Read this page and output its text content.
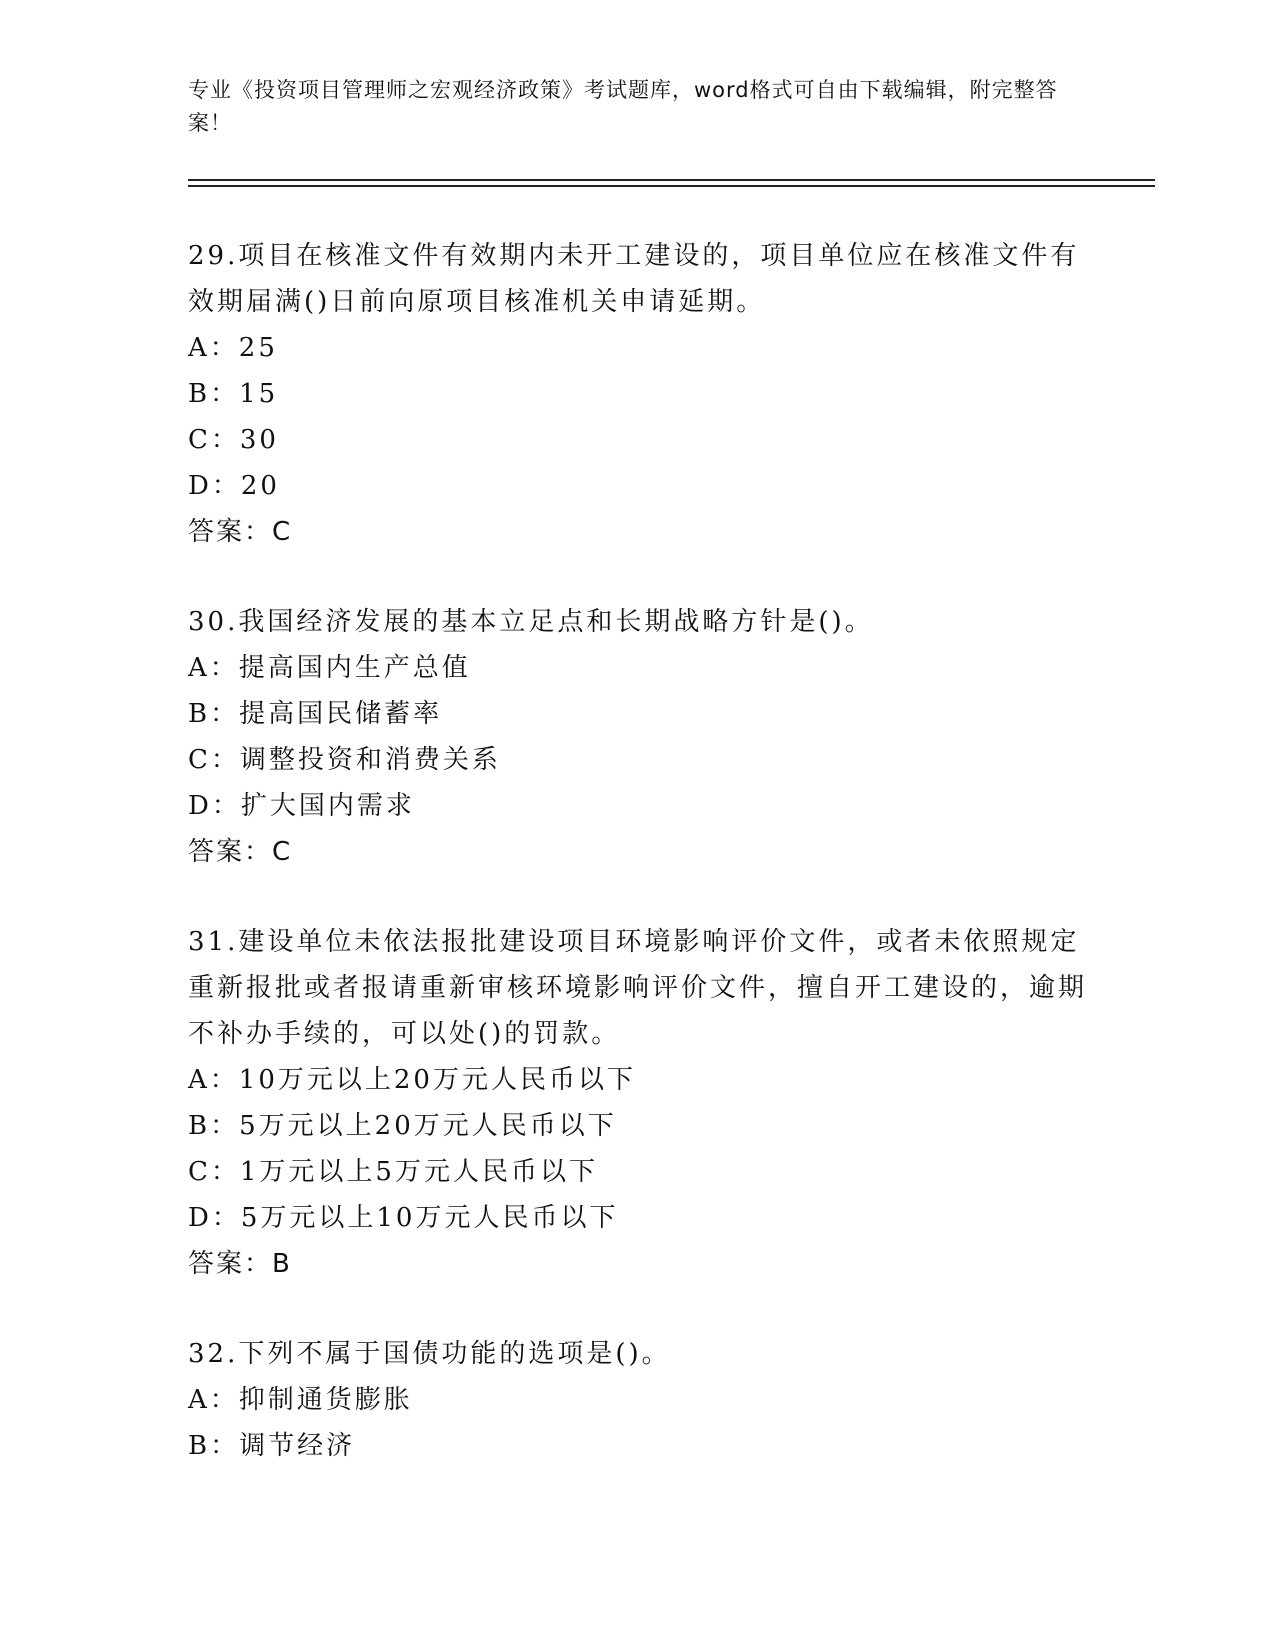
专业《投资项目管理师之宏观经济政策》考试题库，word格式可自由下载编辑，附完整答案！
29.项目在核准文件有效期内未开工建设的，项目单位应在核准文件有效期届满()日前向原项目核准机关申请延期。
A：25
B：15
C：30
D：20
答案：C
30.我国经济发展的基本立足点和长期战略方针是()。
A：提高国内生产总值
B：提高国民储蓄率
C：调整投资和消费关系
D：扩大国内需求
答案：C
31.建设单位未依法报批建设项目环境影响评价文件，或者未依照规定重新报批或者报请重新审核环境影响评价文件，擅自开工建设的，逾期不补办手续的，可以处()的罚款。
A：10万元以上20万元人民币以下
B：5万元以上20万元人民币以下
C：1万元以上5万元人民币以下
D：5万元以上10万元人民币以下
答案：B
32.下列不属于国债功能的选项是()。
A：抑制通货膨胀
B：调节经济
